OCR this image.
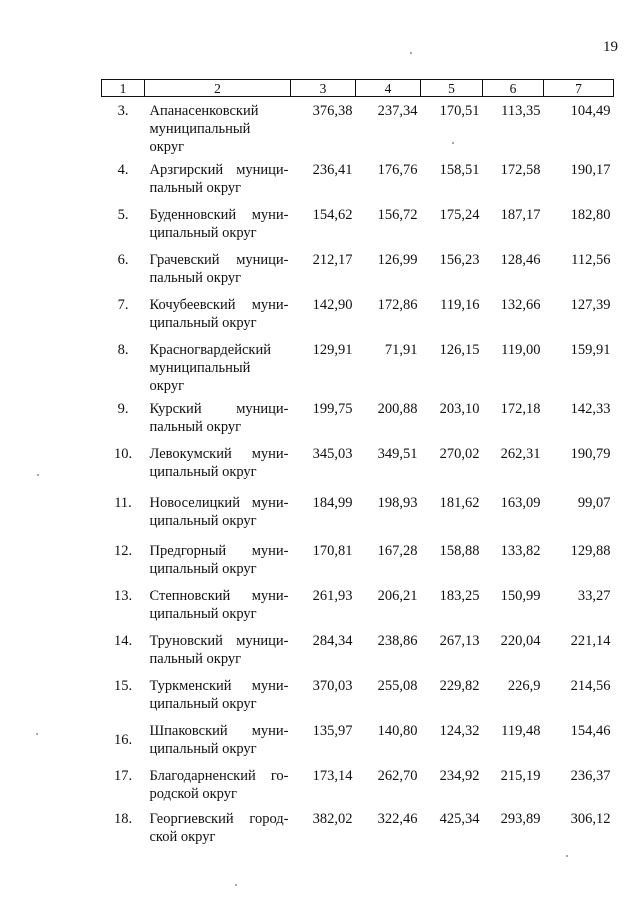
19
1	2	3	4	5	6	7
3.	Апанасенковский муниципальный округ	376,38	237,34	170,51	113,35	104,49
4.	Арзгирский муници-пальный округ	236,41	176,76	158,51	172,58	190,17
5.	Буденновский муни-ципальный округ	154,62	156,72	175,24	187,17	182,80
6.	Грачевский муници-пальный округ	212,17	126,99	156,23	128,46	112,56
7.	Кочубеевский муни-ципальный округ	142,90	172,86	119,16	132,66	127,39
8.	Красногвардейский муниципальный округ	129,91	71,91	126,15	119,00	159,91
9.	Курский муници-пальный округ	199,75	200,88	203,10	172,18	142,33
10.	Левокумский муни-ципальный округ	345,03	349,51	270,02	262,31	190,79
11.	Новоселицкий муни-ципальный округ	184,99	198,93	181,62	163,09	99,07
12.	Предгорный муни-ципальный округ	170,81	167,28	158,88	133,82	129,88
13.	Степновский муни-ципальный округ	261,93	206,21	183,25	150,99	33,27
14.	Труновский муници-пальный округ	284,34	238,86	267,13	220,04	221,14
15.	Туркменский муни-ципальный округ	370,03	255,08	229,82	226,9	214,56
16.	Шпаковский муни-ципальный округ	135,97	140,80	124,32	119,48	154,46
17.	Благодарненский го-родской округ	173,14	262,70	234,92	215,19	236,37
18.	Георгиевский город-ской округ	382,02	322,46	425,34	293,89	306,12
